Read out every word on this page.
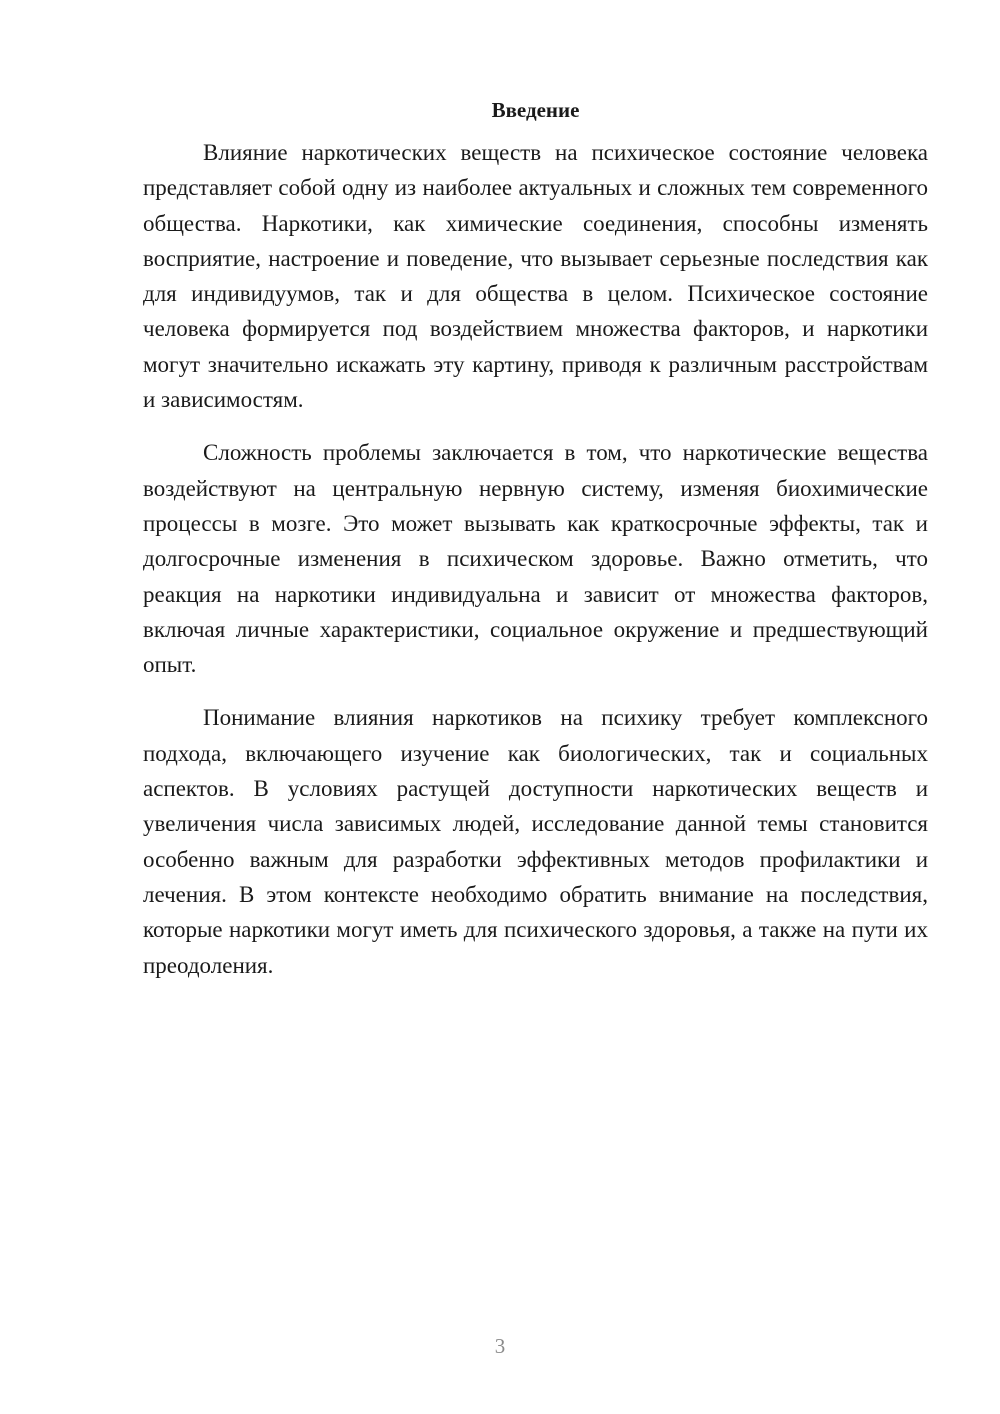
Введение

Влияние наркотических веществ на психическое состояние человека представляет собой одну из наиболее актуальных и сложных тем современного общества. Наркотики, как химические соединения, способны изменять восприятие, настроение и поведение, что вызывает серьезные последствия как для индивидуумов, так и для общества в целом. Психическое состояние человека формируется под воздействием множества факторов, и наркотики могут значительно искажать эту картину, приводя к различным расстройствам и зависимостям.

Сложность проблемы заключается в том, что наркотические вещества воздействуют на центральную нервную систему, изменяя биохимические процессы в мозге. Это может вызывать как краткосрочные эффекты, так и долгосрочные изменения в психическом здоровье. Важно отметить, что реакция на наркотики индивидуальна и зависит от множества факторов, включая личные характеристики, социальное окружение и предшествующий опыт.

Понимание влияния наркотиков на психику требует комплексного подхода, включающего изучение как биологических, так и социальных аспектов. В условиях растущей доступности наркотических веществ и увеличения числа зависимых людей, исследование данной темы становится особенно важным для разработки эффективных методов профилактики и лечения. В этом контексте необходимо обратить внимание на последствия, которые наркотики могут иметь для психического здоровья, а также на пути их преодоления.

3
